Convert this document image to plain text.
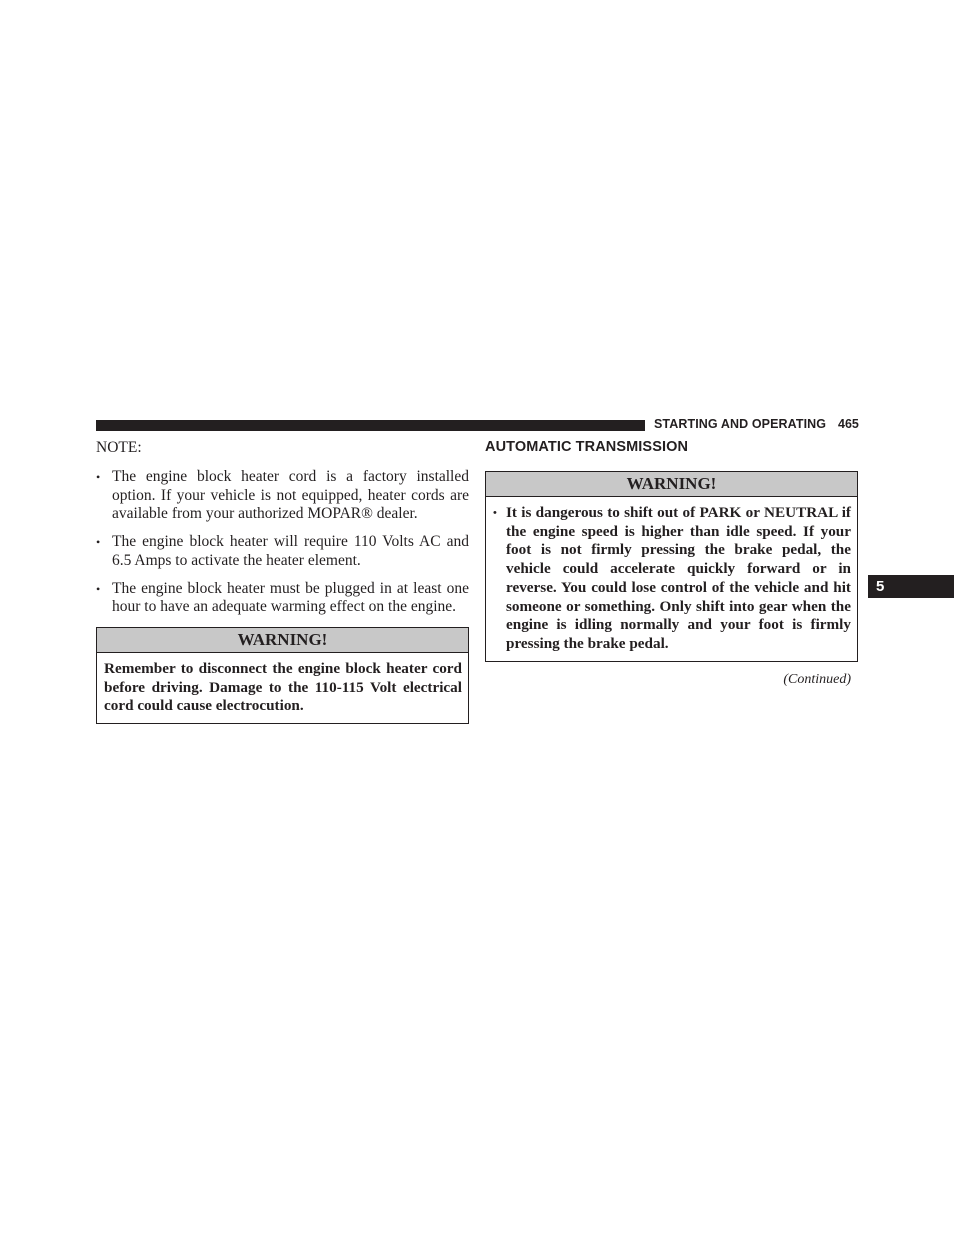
STARTING AND OPERATING 465
5
NOTE:
• The engine block heater cord is a factory installed option. If your vehicle is not equipped, heater cords are available from your authorized MOPAR® dealer.
• The engine block heater will require 110 Volts AC and 6.5 Amps to activate the heater element.
• The engine block heater must be plugged in at least one hour to have an adequate warming effect on the engine.
WARNING!
Remember to disconnect the engine block heater cord before driving. Damage to the 110-115 Volt electrical cord could cause electrocution.
AUTOMATIC TRANSMISSION
WARNING!
• It is dangerous to shift out of PARK or NEUTRAL if the engine speed is higher than idle speed. If your foot is not firmly pressing the brake pedal, the vehicle could accelerate quickly forward or in reverse. You could lose control of the vehicle and hit someone or something. Only shift into gear when the engine is idling normally and your foot is firmly pressing the brake pedal.
(Continued)
